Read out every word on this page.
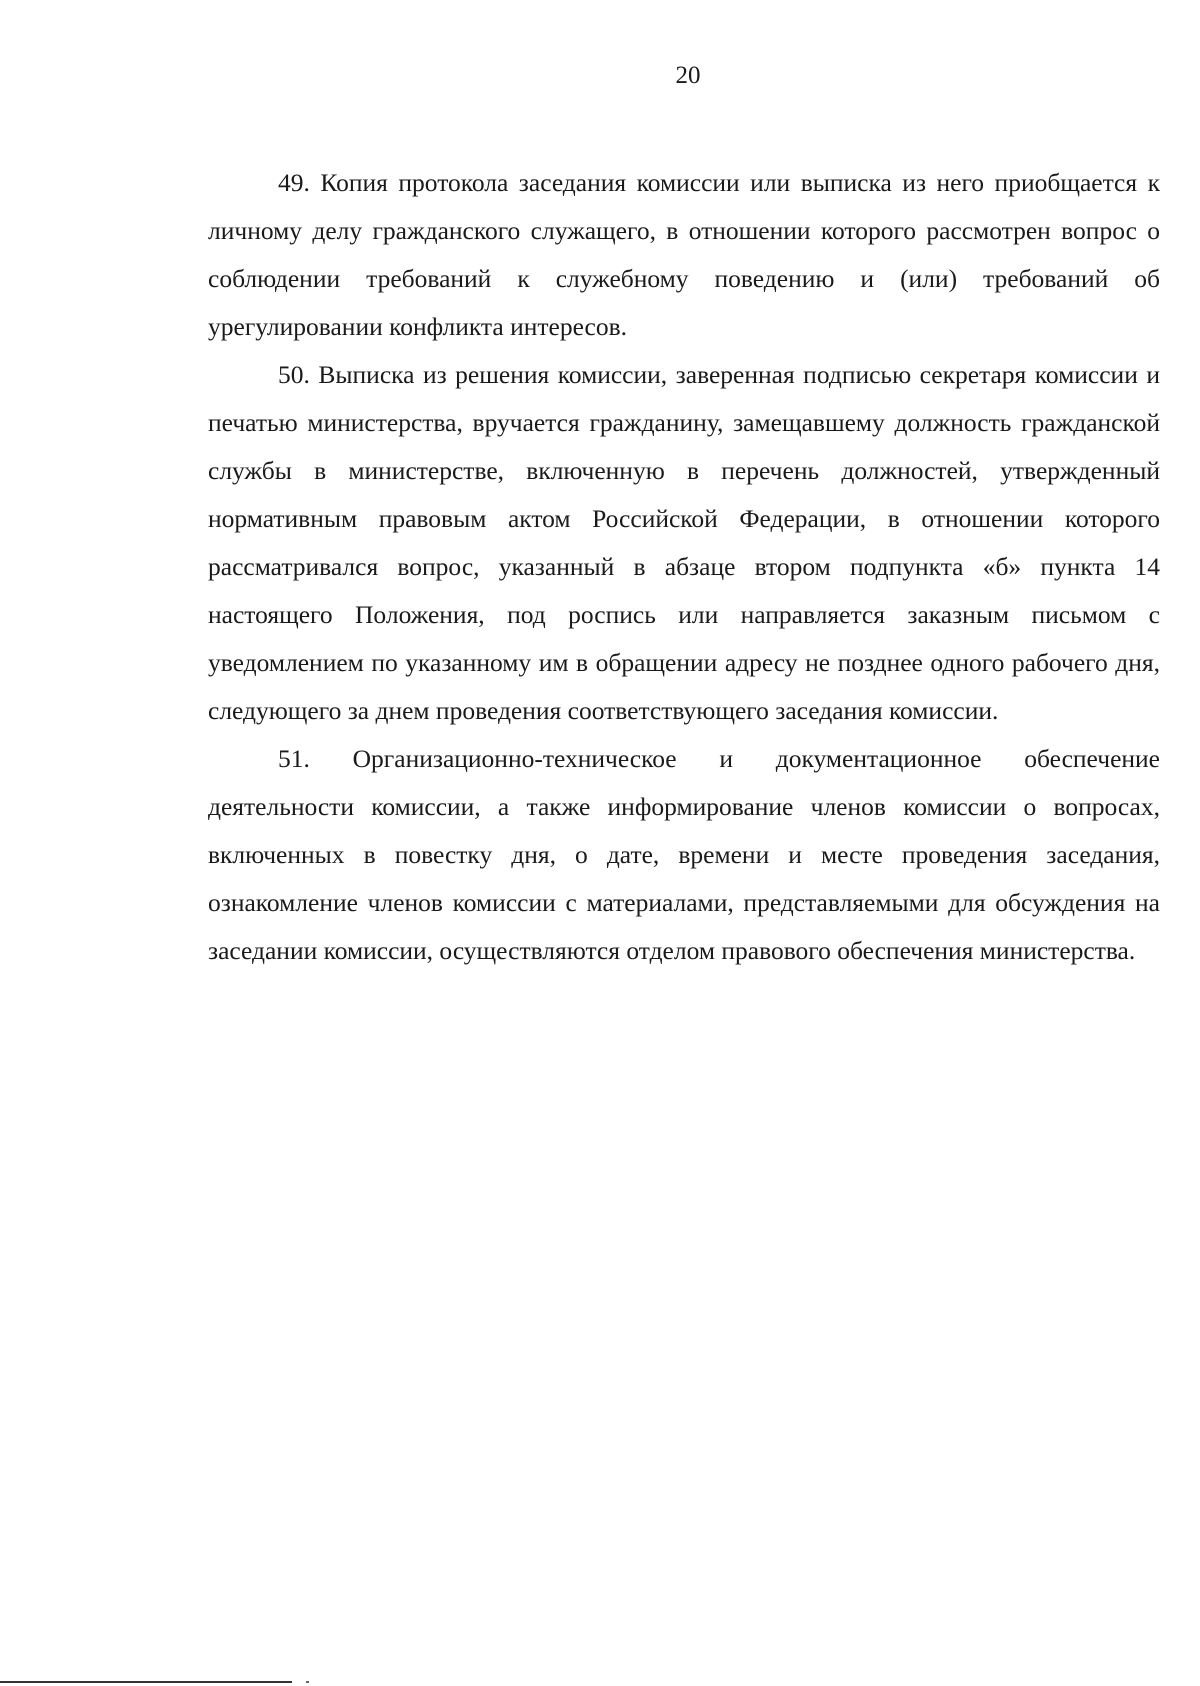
20

49. Копия протокола заседания комиссии или выписка из него приобщается к личному делу гражданского служащего, в отношении которого рассмотрен вопрос о соблюдении требований к служебному поведению и (или) требований об урегулировании конфликта интересов.

50. Выписка из решения комиссии, заверенная подписью секретаря комиссии и печатью министерства, вручается гражданину, замещавшему должность гражданской службы в министерстве, включенную в перечень должностей, утвержденный нормативным правовым актом Российской Федерации, в отношении которого рассматривался вопрос, указанный в абзаце втором подпункта «б» пункта 14 настоящего Положения, под роспись или направляется заказным письмом с уведомлением по указанному им в обращении адресу не позднее одного рабочего дня, следующего за днем проведения соответствующего заседания комиссии.

51. Организационно-техническое и документационное обеспечение деятельности комиссии, а также информирование членов комиссии о вопросах, включенных в повестку дня, о дате, времени и месте проведения заседания, ознакомление членов комиссии с материалами, представляемыми для обсуждения на заседании комиссии, осуществляются отделом правового обеспечения министерства.
